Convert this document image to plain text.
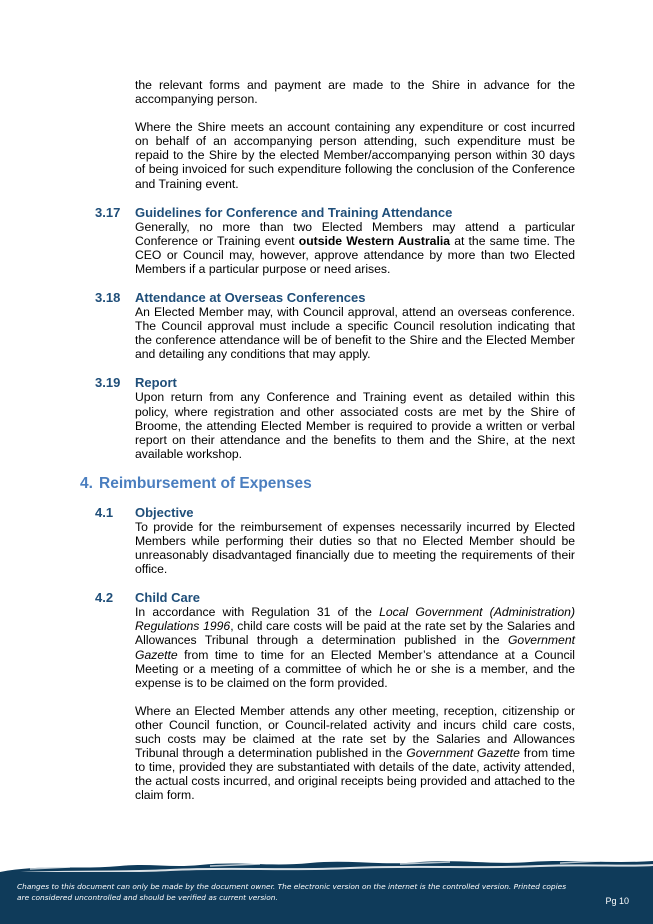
the relevant forms and payment are made to the Shire in advance for the accompanying person.

Where the Shire meets an account containing any expenditure or cost incurred on behalf of an accompanying person attending, such expenditure must be repaid to the Shire by the elected Member/accompanying person within 30 days of being invoiced for such expenditure following the conclusion of the Conference and Training event.

3.17 Guidelines for Conference and Training Attendance

Generally, no more than two Elected Members may attend a particular Conference or Training event outside Western Australia at the same time. The CEO or Council may, however, approve attendance by more than two Elected Members if a particular purpose or need arises.

3.18 Attendance at Overseas Conferences

An Elected Member may, with Council approval, attend an overseas conference. The Council approval must include a specific Council resolution indicating that the conference attendance will be of benefit to the Shire and the Elected Member and detailing any conditions that may apply.

3.19 Report

Upon return from any Conference and Training event as detailed within this policy, where registration and other associated costs are met by the Shire of Broome, the attending Elected Member is required to provide a written or verbal report on their attendance and the benefits to them and the Shire, at the next available workshop.

4. Reimbursement of Expenses
4.1 Objective

To provide for the reimbursement of expenses necessarily incurred by Elected Members while performing their duties so that no Elected Member should be unreasonably disadvantaged financially due to meeting the requirements of their office.

4.2 Child Care

In accordance with Regulation 31 of the Local Government (Administration) Regulations 1996, child care costs will be paid at the rate set by the Salaries and Allowances Tribunal through a determination published in the Government Gazette from time to time for an Elected Member’s attendance at a Council Meeting or a meeting of a committee of which he or she is a member, and the expense is to be claimed on the form provided.

Where an Elected Member attends any other meeting, reception, citizenship or other Council function, or Council-related activity and incurs child care costs, such costs may be claimed at the rate set by the Salaries and Allowances Tribunal through a determination published in the Government Gazette from time to time, provided they are substantiated with details of the date, activity attended, the actual costs incurred, and original receipts being provided and attached to the claim form.

Changes to this document can only be made by the document owner. The electronic version on the internet is the controlled version. Printed copies are considered uncontrolled and should be verified as current version.	Pg 10
